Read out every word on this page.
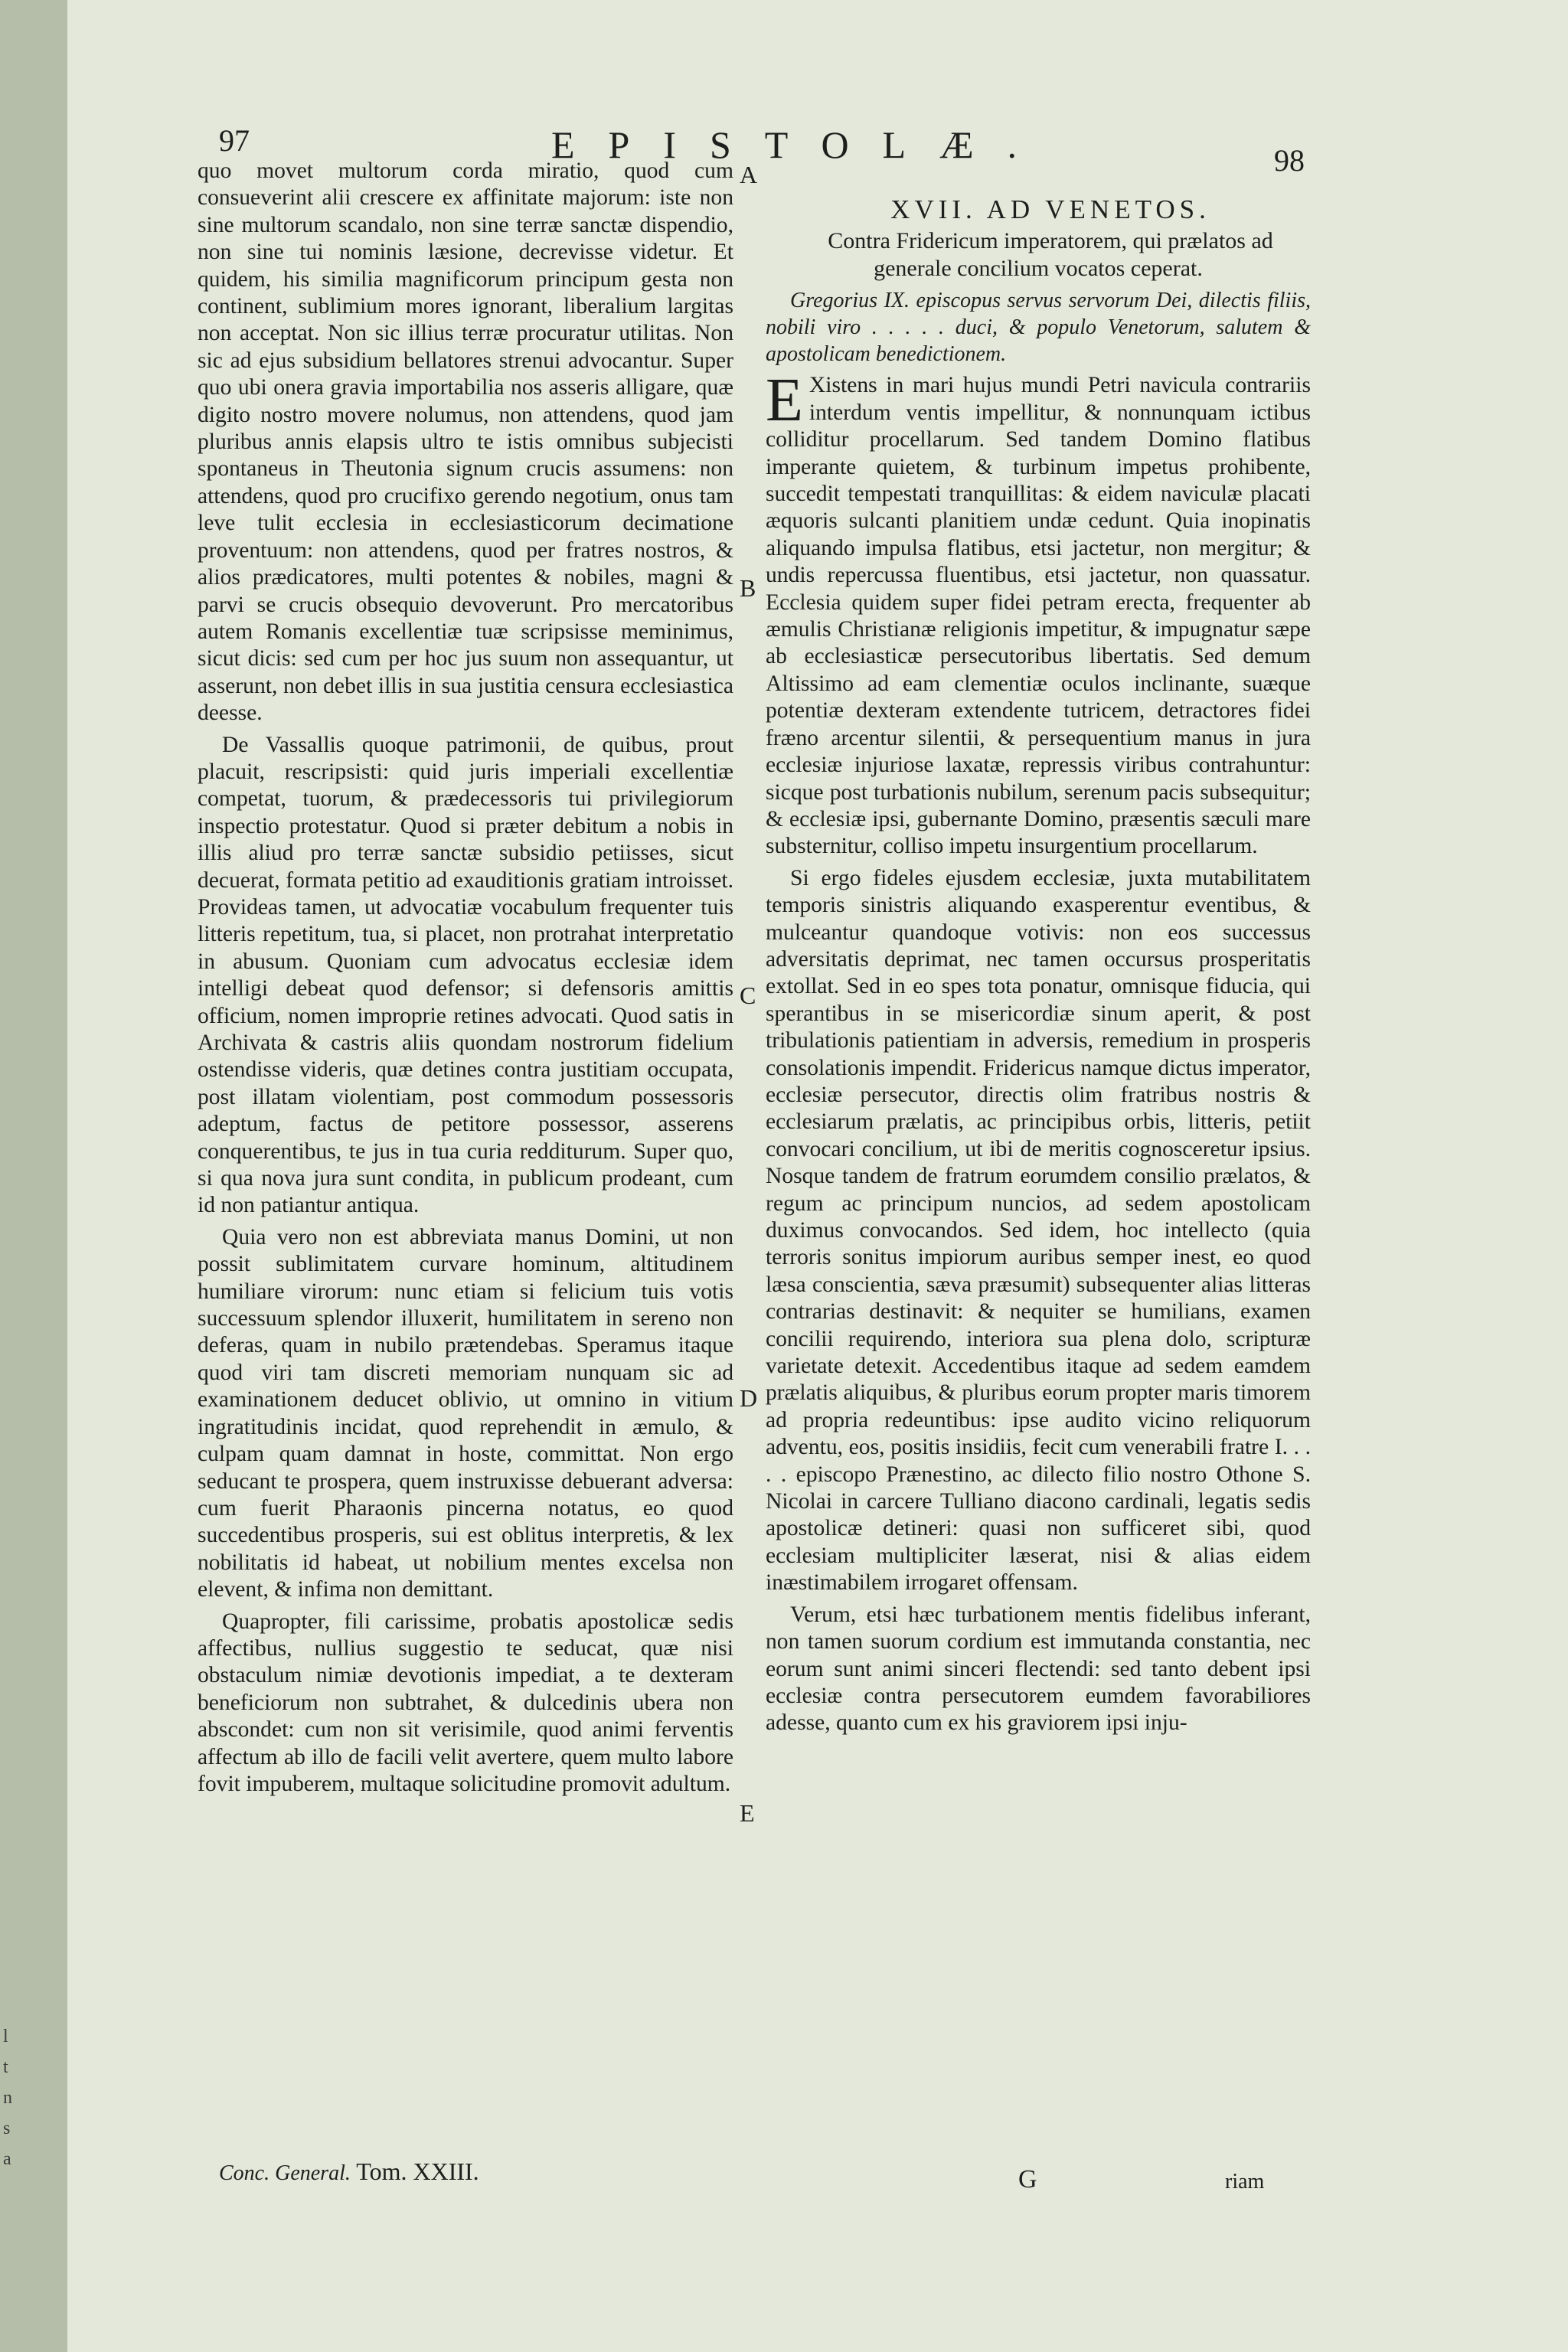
l
t
n
s
a
97	EPISTOLÆ.	98

quo movet multorum corda miratio, quod cum consueverint alii crescere ex affinitate majorum: iste non sine multorum scandalo, non sine terræ sanctæ dispendio, non sine tui nominis læsione, decrevisse videtur. Et quidem, his similia magnificorum principum gesta non continent, sublimium mores ignorant, liberalium largitas non acceptat. Non sic illius terræ procuratur utilitas. Non sic ad ejus subsidium bellatores strenui advocantur. Super quo ubi onera gravia importabilia nos asseris alligare, quæ digito nostro movere nolumus, non attendens, quod jam pluribus annis elapsis ultro te istis omnibus subjecisti spontaneus in Theutonia signum crucis assumens: non attendens, quod pro crucifixo gerendo negotium, onus tam leve tulit ecclesia in ecclesiasticorum decimatione proventuum: non attendens, quod per fratres nostros, & alios prædicatores, multi potentes & nobiles, magni & parvi se crucis obsequio devoverunt. Pro mercatoribus autem Romanis excellentiæ tuæ scripsisse meminimus, sicut dicis: sed cum per hoc jus suum non assequantur, ut asserunt, non debet illis in sua justitia censura ecclesiastica deesse.

De Vassallis quoque patrimonii, de quibus, prout placuit, rescripsisti: quid juris imperiali excellentiæ competat, tuorum, & prædecessoris tui privilegiorum inspectio protestatur. Quod si præter debitum a nobis in illis aliud pro terræ sanctæ subsidio petiisses, sicut decuerat, formata petitio ad exauditionis gratiam introisset. Provideas tamen, ut advocatiæ vocabulum frequenter tuis litteris repetitum, tua, si placet, non protrahat interpretatio in abusum. Quoniam cum advocatus ecclesiæ idem intelligi debeat quod defensor; si defensoris amittis officium, nomen improprie retines advocati. Quod satis in Archivata & castris aliis quondam nostrorum fidelium ostendisse videris, quæ detines contra justitiam occupata, post illatam violentiam, post commodum possessoris adeptum, factus de petitore possessor, asserens conquerentibus, te jus in tua curia redditurum. Super quo, si qua nova jura sunt condita, in publicum prodeant, cum id non patiantur antiqua.

Quia vero non est abbreviata manus Domini, ut non possit sublimitatem curvare hominum, altitudinem humiliare virorum: nunc etiam si felicium tuis votis successuum splendor illuxerit, humilitatem in sereno non deferas, quam in nubilo prætendebas. Speramus itaque quod viri tam discreti memoriam nunquam sic ad examinationem deducet oblivio, ut omnino in vitium ingratitudinis incidat, quod reprehendit in æmulo, & culpam quam damnat in hoste, committat. Non ergo seducant te prospera, quem instruxisse debuerant adversa: cum fuerit Pharaonis pincerna notatus, eo quod succedentibus prosperis, sui est oblitus interpretis, & lex nobilitatis id habeat, ut nobilium mentes excelsa non elevent, & infima non demittant.

Quapropter, fili carissime, probatis apostolicæ sedis affectibus, nullius suggestio te seducat, quæ nisi obstaculum nimiæ devotionis impediat, a te dexteram beneficiorum non subtrahet, & dulcedinis ubera non abscondet: cum non sit verisimile, quod animi ferventis affectum ab illo de facili velit avertere, quem multo labore fovit impuberem, multaque solicitudine promovit adultum.

A
B
C
D
E

XVII. AD VENETOS.

Contra Fridericum imperatorem, qui prælatos ad generale concilium vocatos ceperat.

Gregorius IX. episcopus servus servorum Dei, dilectis filiis, nobili viro . . . . . duci, & populo Venetorum, salutem & apostolicam benedictionem.

E Xistens in mari hujus mundi Petri navicula contrariis interdum ventis impellitur, & nonnunquam ictibus colliditur procellarum. Sed tandem Domino flatibus imperante quietem, & turbinum impetus prohibente, succedit tempestati tranquillitas: & eidem naviculæ placati æquoris sulcanti planitiem undæ cedunt. Quia inopinatis aliquando impulsa flatibus, etsi jactetur, non mergitur; & undis repercussa fluentibus, etsi jactetur, non quassatur. Ecclesia quidem super fidei petram erecta, frequenter ab æmulis Christianæ religionis impetitur, & impugnatur sæpe ab ecclesiasticæ persecutoribus libertatis. Sed demum Altissimo ad eam clementiæ oculos inclinante, suæque potentiæ dexteram extendente tutricem, detractores fidei fræno arcentur silentii, & persequentium manus in jura ecclesiæ injuriose laxatæ, repressis viribus contrahuntur: sicque post turbationis nubilum, serenum pacis subsequitur; & ecclesiæ ipsi, gubernante Domino, præsentis sæculi mare substernitur, colliso impetu insurgentium procellarum.

Si ergo fideles ejusdem ecclesiæ, juxta mutabilitatem temporis sinistris aliquando exasperentur eventibus, & mulceantur quandoque votivis: non eos successus adversitatis deprimat, nec tamen occursus prosperitatis extollat. Sed in eo spes tota ponatur, omnisque fiducia, qui sperantibus in se misericordiæ sinum aperit, & post tribulationis patientiam in adversis, remedium in prosperis consolationis impendit. Fridericus namque dictus imperator, ecclesiæ persecutor, directis olim fratribus nostris & ecclesiarum prælatis, ac principibus orbis, litteris, petiit convocari concilium, ut ibi de meritis cognosceretur ipsius. Nosque tandem de fratrum eorumdem consilio prælatos, & regum ac principum nuncios, ad sedem apostolicam duximus convocandos. Sed idem, hoc intellecto (quia terroris sonitus impiorum auribus semper inest, eo quod læsa conscientia, sæva præsumit) subsequenter alias litteras contrarias destinavit: & nequiter se humilians, examen concilii requirendo, interiora sua plena dolo, scripturæ varietate detexit. Accedentibus itaque ad sedem eamdem prælatis aliquibus, & pluribus eorum propter maris timorem ad propria redeuntibus: ipse audito vicino reliquorum adventu, eos, positis insidiis, fecit cum venerabili fratre I. . . . . episcopo Prænestino, ac dilecto filio nostro Othone S. Nicolai in carcere Tulliano diacono cardinali, legatis sedis apostolicæ detineri: quasi non sufficeret sibi, quod ecclesiam multipliciter læserat, nisi & alias eidem inæstimabilem irrogaret offensam.

Verum, etsi hæc turbationem mentis fidelibus inferant, non tamen suorum cordium est immutanda constantia, nec eorum sunt animi sinceri flectendi: sed tanto debent ipsi ecclesiæ contra persecutorem eumdem favorabiliores adesse, quanto cum ex his graviorem ipsi inju-

Conc. General. Tom. XXIII.	G	riam
